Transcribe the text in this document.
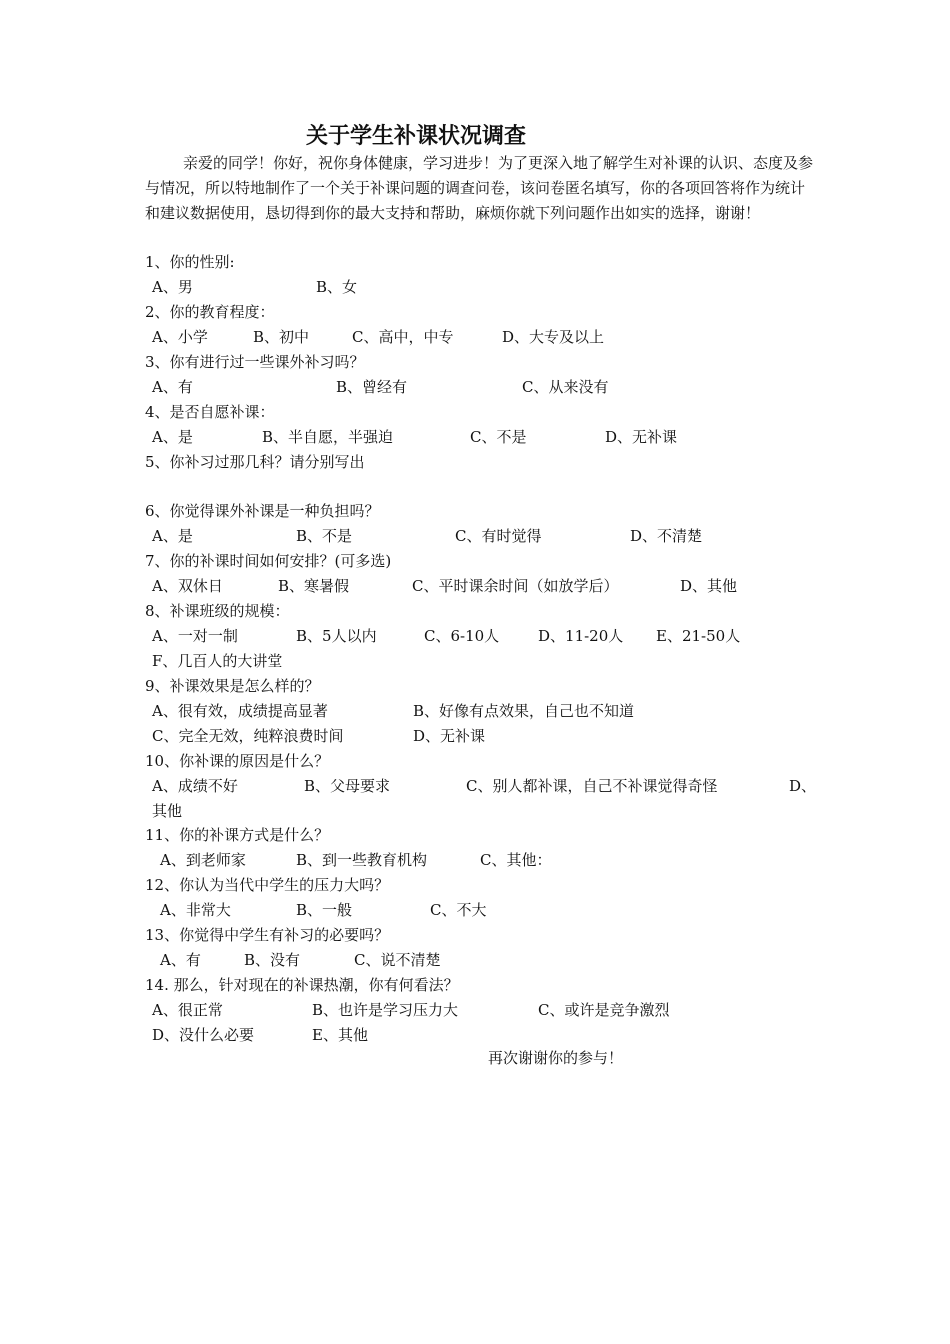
关于学生补课状况调查
亲爱的同学！你好，祝你身体健康，学习进步！为了更深入地了解学生对补课的认识、态度及参与情况，所以特地制作了一个关于补课问题的调查问卷，该问卷匿名填写，你的各项回答将作为统计和建议数据使用，恳切得到你的最大支持和帮助，麻烦你就下列问题作出如实的选择，谢谢！
1、你的性别:
A、男	B、女
2、你的教育程度：
A、小学	B、初中	C、高中，中专	D、大专及以上
3、你有进行过一些课外补习吗？
A、有	B、曾经有	C、从来没有
4、是否自愿补课：
A、是	B、半自愿，半强迫	C、不是	D、无补课
5、你补习过那几科？请分别写出
6、你觉得课外补课是一种负担吗？
A、是	B、不是	C、有时觉得	D、不清楚
7、你的补课时间如何安排？(可多选)
A、双休日	B、寒暑假	C、平时课余时间（如放学后）	D、其他
8、补课班级的规模：
A、一对一制	B、5人以内	C、6-10人	D、11-20人 E、21-50人
F、几百人的大讲堂
9、补课效果是怎么样的？
A、很有效，成绩提高显著	B、好像有点效果，自己也不知道
C、完全无效，纯粹浪费时间	D、无补课
10、你补课的原因是什么？
A、成绩不好	B、父母要求	C、别人都补课，自己不补课觉得奇怪	D、
其他
11、你的补课方式是什么？
A、到老师家	B、到一些教育机构	C、其他：
12、你认为当代中学生的压力大吗？
A、非常大	B、一般	C、不大
13、你觉得中学生有补习的必要吗？
A、有	B、没有	C、说不清楚
14. 那么，针对现在的补课热潮，你有何看法？
A、很正常	B、也许是学习压力大	C、或许是竞争激烈
D、没什么必要	E、其他
再次谢谢你的参与！
